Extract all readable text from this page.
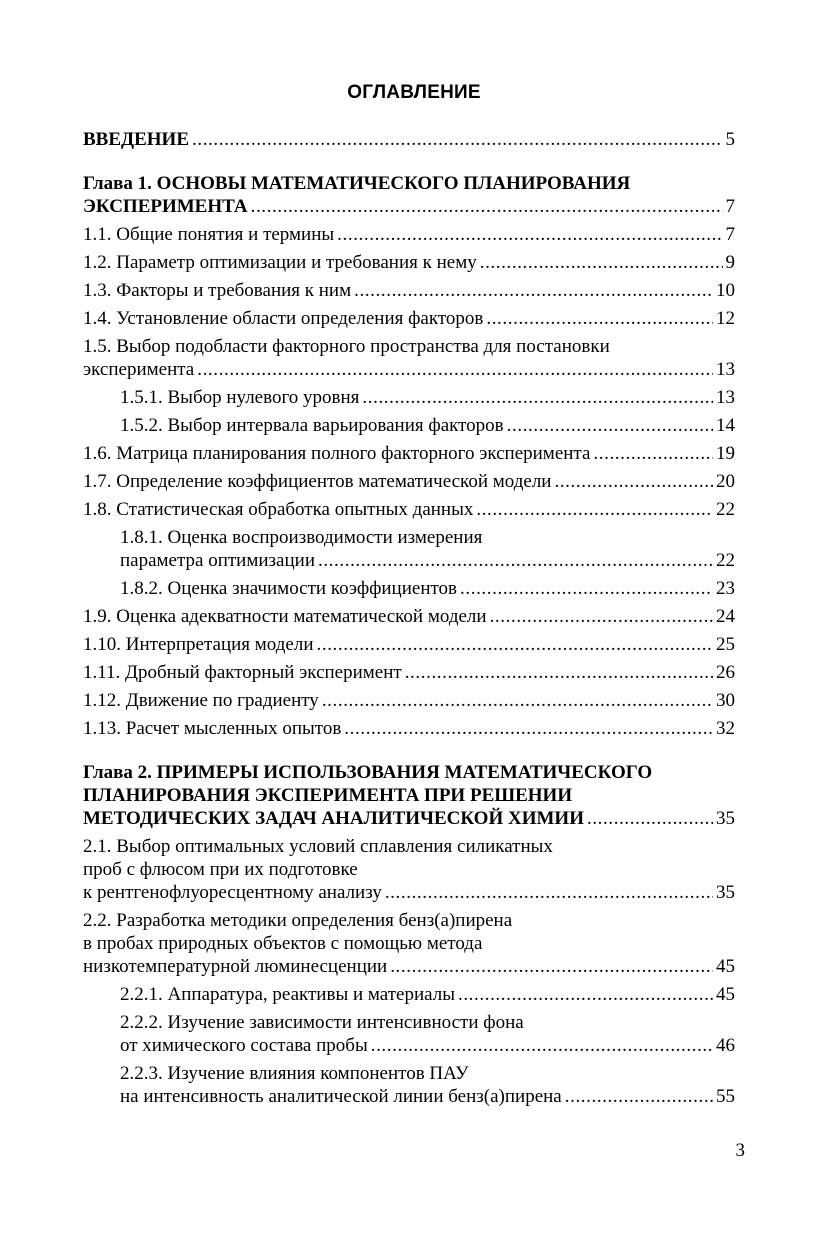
ОГЛАВЛЕНИЕ
ВВЕДЕНИЕ .....	5
Глава 1. ОСНОВЫ МАТЕМАТИЧЕСКОГО ПЛАНИРОВАНИЯ
ЭКСПЕРИМЕНТА .....	7
1.1. Общие понятия и термины .....	7
1.2. Параметр оптимизации и требования к нему .....	9
1.3. Факторы и требования к ним .....	10
1.4. Установление области определения факторов .....	12
1.5. Выбор подобласти факторного пространства для постановки
эксперимента .....	13
1.5.1. Выбор нулевого уровня .....	13
1.5.2. Выбор интервала варьирования факторов .....	14
1.6. Матрица планирования полного факторного эксперимента .....	19
1.7. Определение коэффициентов математической модели .....	20
1.8. Статистическая обработка опытных данных .....	22
1.8.1. Оценка воспроизводимости измерения
параметра оптимизации .....	22
1.8.2. Оценка значимости коэффициентов .....	23
1.9. Оценка адекватности математической модели .....	24
1.10. Интерпретация модели .....	25
1.11. Дробный факторный эксперимент .....	26
1.12. Движение по градиенту .....	30
1.13. Расчет мысленных опытов .....	32
Глава 2. ПРИМЕРЫ ИСПОЛЬЗОВАНИЯ МАТЕМАТИЧЕСКОГО
ПЛАНИРОВАНИЯ ЭКСПЕРИМЕНТА ПРИ РЕШЕНИИ
МЕТОДИЧЕСКИХ ЗАДАЧ АНАЛИТИЧЕСКОЙ ХИМИИ .....	35
2.1. Выбор оптимальных условий сплавления силикатных
проб с флюсом при их подготовке
к рентгенофлуоресцентному анализу .....	35
2.2. Разработка методики определения бенз(а)пирена
в пробах природных объектов с помощью метода
низкотемпературной люминесценции .....	45
2.2.1. Аппаратура, реактивы и материалы .....	45
2.2.2. Изучение зависимости интенсивности фона
от химического состава пробы .....	46
2.2.3. Изучение влияния компонентов ПАУ
на интенсивность аналитической линии бенз(а)пирена .....	55
3
